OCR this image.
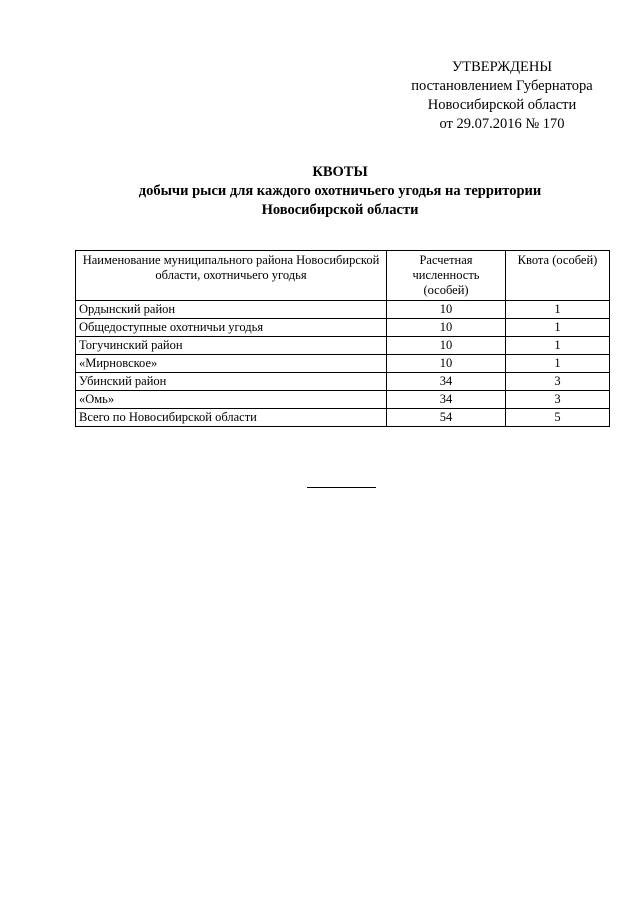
УТВЕРЖДЕНЫ
постановлением Губернатора
Новосибирской области
от 29.07.2016 № 170
КВОТЫ
добычи рыси для каждого охотничьего угодья на территории
Новосибирской области
Наименование муниципального района Новосибирской области, охотничьего угодья	Расчетная численность (особей)	Квота (особей)
Ордынский район	10	1
Общедоступные охотничьи угодья	10	1
Тогучинский район	10	1
«Мирновское»	10	1
Убинский район	34	3
«Омь»	34	3
Всего по Новосибирской области	54	5
